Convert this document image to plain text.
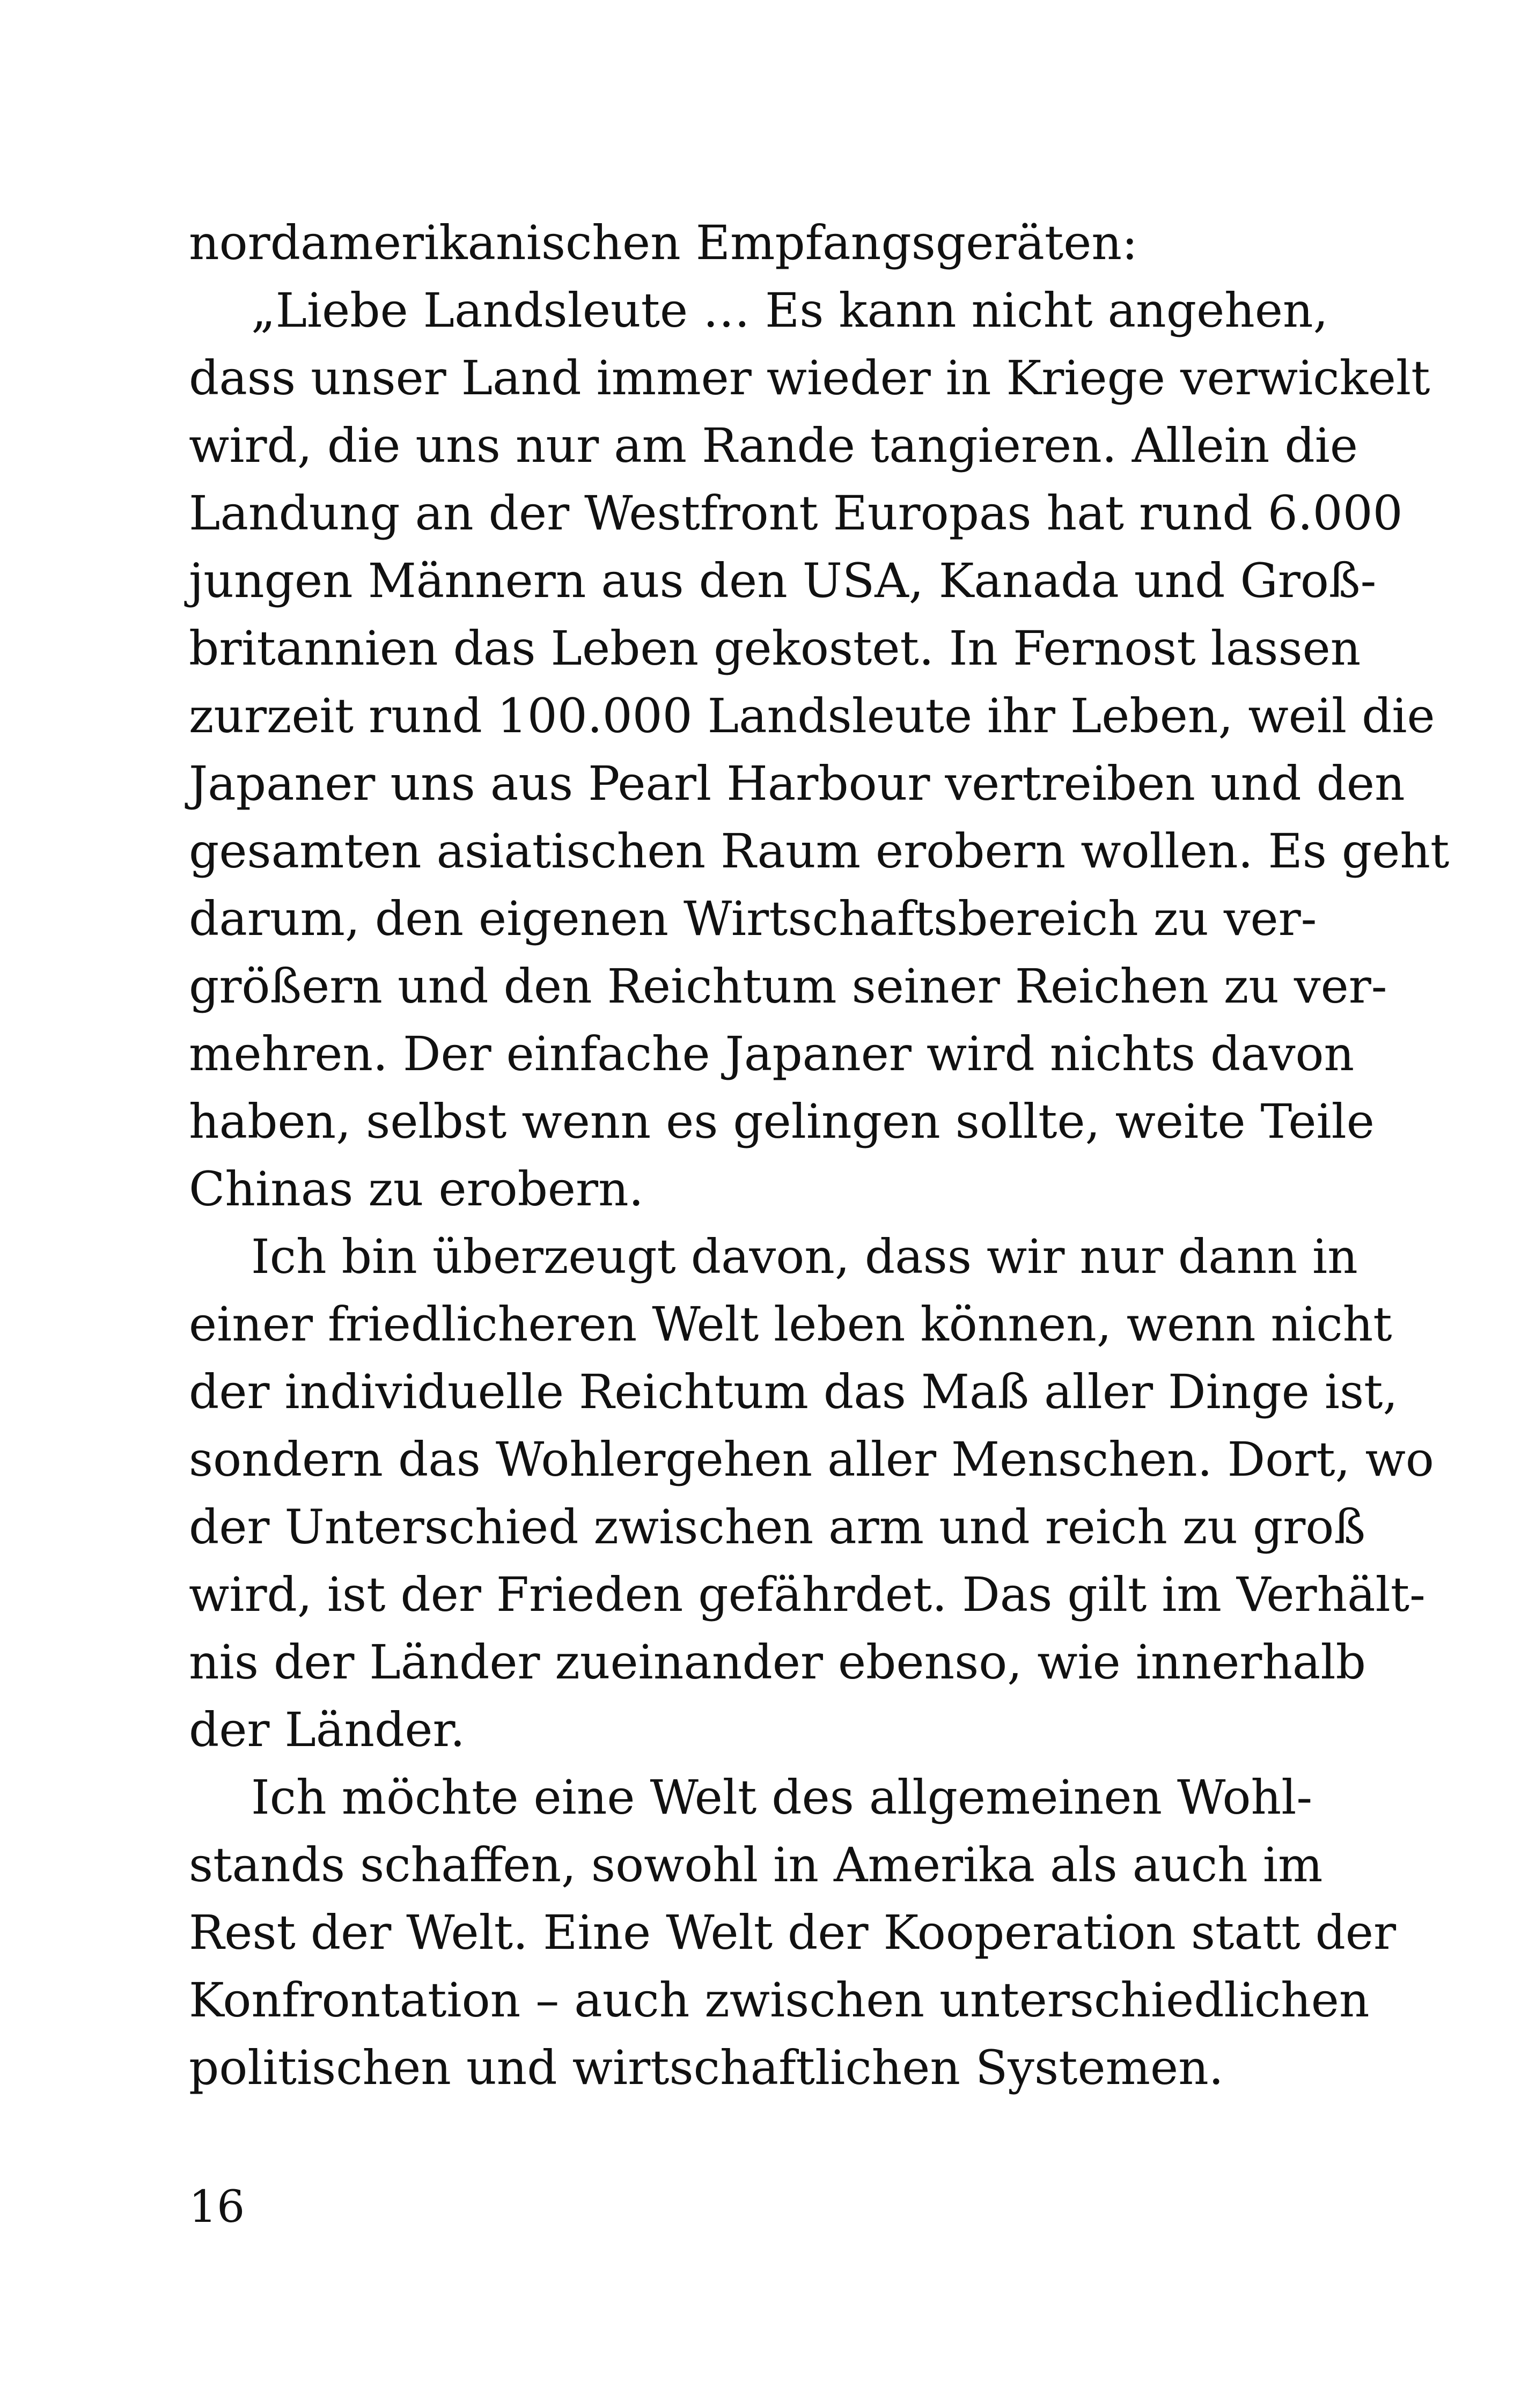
nordamerikanischen Empfangsgeräten:
„Liebe Landsleute … Es kann nicht angehen,
dass unser Land immer wieder in Kriege verwickelt
wird, die uns nur am Rande tangieren. Allein die
Landung an der Westfront Europas hat rund 6.000
jungen Männern aus den USA, Kanada und Groß-
britannien das Leben gekostet. In Fernost lassen
zurzeit rund 100.000 Landsleute ihr Leben, weil die
Japaner uns aus Pearl Harbour vertreiben und den
gesamten asiatischen Raum erobern wollen. Es geht
darum, den eigenen Wirtschaftsbereich zu ver-
größern und den Reichtum seiner Reichen zu ver-
mehren. Der einfache Japaner wird nichts davon
haben, selbst wenn es gelingen sollte, weite Teile
Chinas zu erobern.
Ich bin überzeugt davon, dass wir nur dann in
einer friedlicheren Welt leben können, wenn nicht
der individuelle Reichtum das Maß aller Dinge ist,
sondern das Wohlergehen aller Menschen. Dort, wo
der Unterschied zwischen arm und reich zu groß
wird, ist der Frieden gefährdet. Das gilt im Verhält-
nis der Länder zueinander ebenso, wie innerhalb
der Länder.
Ich möchte eine Welt des allgemeinen Wohl-
stands schaffen, sowohl in Amerika als auch im
Rest der Welt. Eine Welt der Kooperation statt der
Konfrontation – auch zwischen unterschiedlichen
politischen und wirtschaftlichen Systemen.
16
